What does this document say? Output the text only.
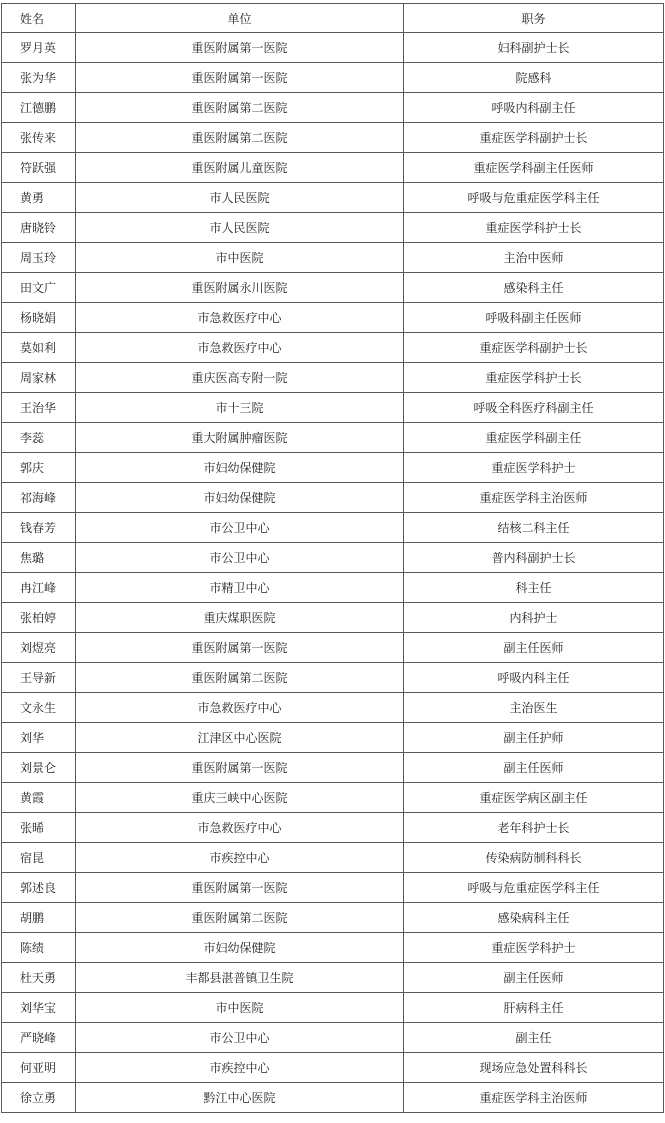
姓名	单位	职务
罗月英	重医附属第一医院	妇科副护士长
张为华	重医附属第一医院	院感科
江德鹏	重医附属第二医院	呼吸内科副主任
张传来	重医附属第二医院	重症医学科副护士长
符跃强	重医附属儿童医院	重症医学科副主任医师
黄勇	市人民医院	呼吸与危重症医学科主任
唐晓铃	市人民医院	重症医学科护士长
周玉玲	市中医院	主治中医师
田文广	重医附属永川医院	感染科主任
杨晓娟	市急救医疗中心	呼吸科副主任医师
莫如利	市急救医疗中心	重症医学科副护士长
周家林	重庆医高专附一院	重症医学科护士长
王治华	市十三院	呼吸全科医疗科副主任
李蕊	重大附属肿瘤医院	重症医学科副主任
郭庆	市妇幼保健院	重症医学科护士
祁海峰	市妇幼保健院	重症医学科主治医师
钱春芳	市公卫中心	结核二科主任
焦璐	市公卫中心	普内科副护士长
冉江峰	市精卫中心	科主任
张柏婷	重庆煤职医院	内科护士
刘煜亮	重医附属第一医院	副主任医师
王导新	重医附属第二医院	呼吸内科主任
文永生	市急救医疗中心	主治医生
刘华	江津区中心医院	副主任护师
刘景仑	重医附属第一医院	副主任医师
黄霞	重庆三峡中心医院	重症医学病区副主任
张晞	市急救医疗中心	老年科护士长
宿昆	市疾控中心	传染病防制科科长
郭述良	重医附属第一医院	呼吸与危重症医学科主任
胡鹏	重医附属第二医院	感染病科主任
陈绩	市妇幼保健院	重症医学科护士
杜天勇	丰都县湛普镇卫生院	副主任医师
刘华宝	市中医院	肝病科主任
严晓峰	市公卫中心	副主任
何亚明	市疾控中心	现场应急处置科科长
徐立勇	黔江中心医院	重症医学科主治医师
